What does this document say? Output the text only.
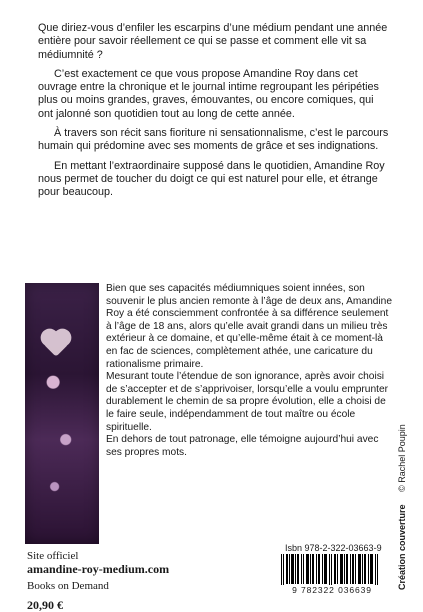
Que diriez-vous d’enfiler les escarpins d’une médium pendant une année entière pour savoir réellement ce qui se passe et comment elle vit sa médiumnité ?

C’est exactement ce que vous propose Amandine Roy dans cet ouvrage entre la chronique et le journal intime regroupant les péripéties plus ou moins grandes, graves, émouvantes, ou encore comiques, qui ont jalonné son quotidien tout au long de cette année.

À travers son récit sans fioriture ni sensationnalisme, c’est le parcours humain qui prédomine avec ses moments de grâce et ses indignations.

En mettant l’extraordinaire supposé dans le quotidien, Amandine Roy nous permet de toucher du doigt ce qui est naturel pour elle, et étrange pour beaucoup.

Bien que ses capacités médiumniques soient innées, son souvenir le plus ancien remonte à l’âge de deux ans, Amandine Roy a été consciemment confrontée à sa différence seulement à l’âge de 18 ans, alors qu’elle avait grandi dans un milieu très extérieur à ce domaine, et qu’elle-même était à ce moment-là en fac de sciences, complètement athée, une caricature du rationalisme primaire.

Mesurant toute l’étendue de son ignorance, après avoir choisi de s’accepter et de s’apprivoiser, lorsqu’elle a voulu emprunter durablement le chemin de sa propre évolution, elle a choisi de le faire seule, indépendamment de tout maître ou école spirituelle.

En dehors de tout patronage, elle témoigne aujourd’hui avec ses propres mots.

Site officiel
amandine-roy-medium.com
Books on Demand
20,90 €
Isbn 978-2-322-03663-9
9 782322 036639	Création couverture     © Rachel Poupin
